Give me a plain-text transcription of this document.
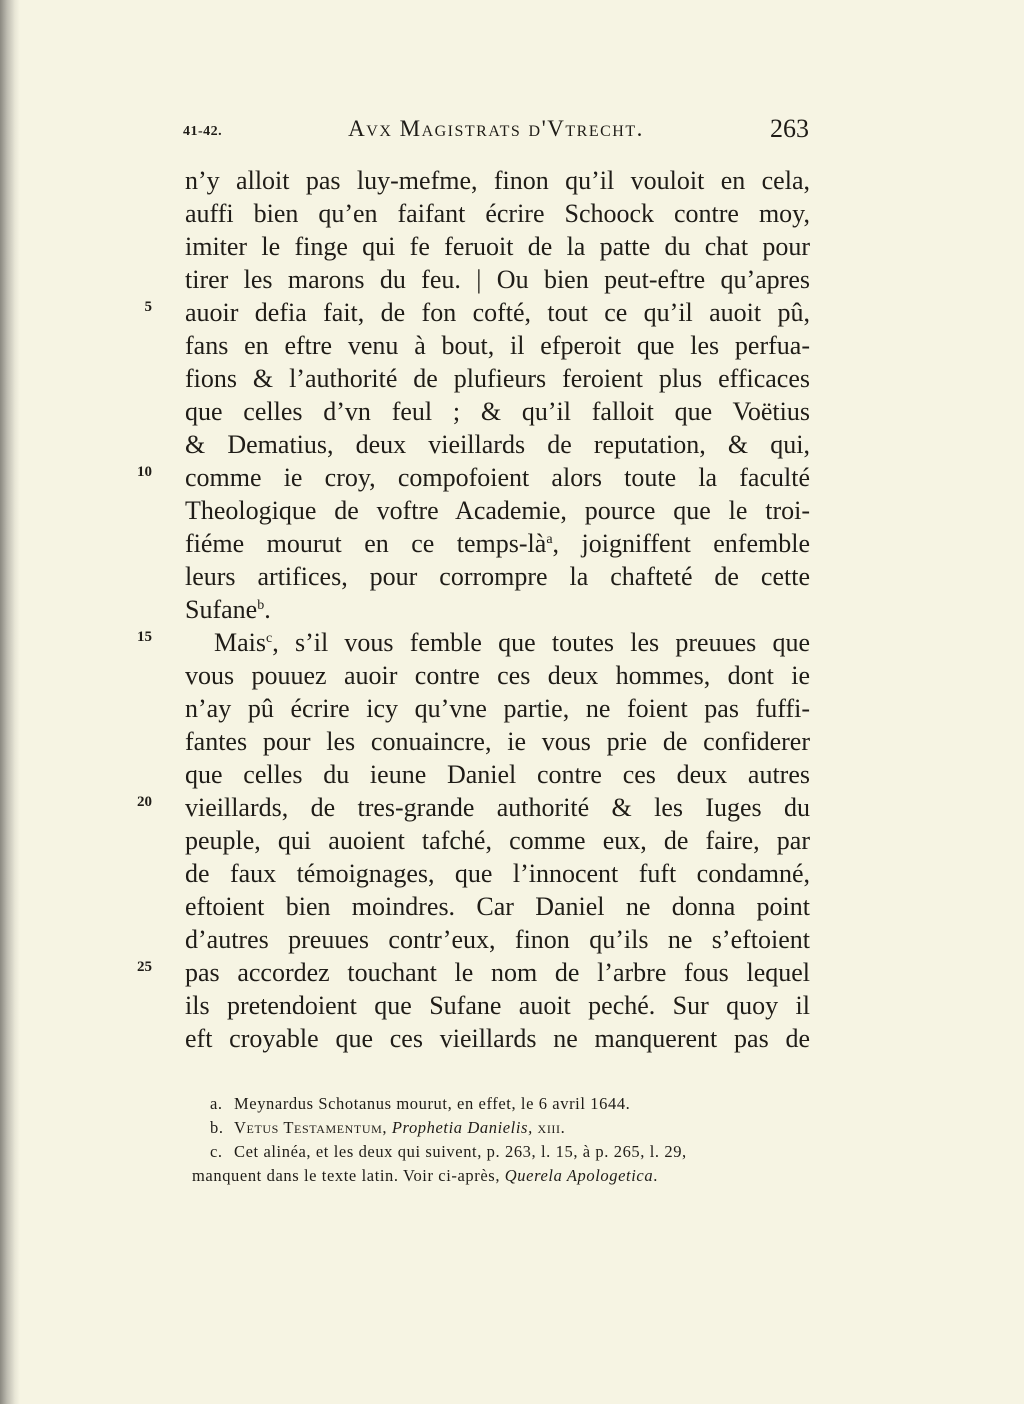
41-42.	Avx Magistrats d'Vtrecht.	263
n’y alloit pas luy-mefme, finon qu’il vouloit en cela,
auffi bien qu’en faifant écrire Schoock contre moy,
imiter le finge qui fe feruoit de la patte du chat pour
tirer les marons du feu. | Ou bien peut-eftre qu’apres
5 auoir defia fait, de fon cofté, tout ce qu’il auoit pû,
fans en eftre venu à bout, il efperoit que les perfua-
fions & l’authorité de plufieurs feroient plus efficaces
que celles d’vn feul ; & qu’il falloit que Voëtius
& Dematius, deux vieillards de reputation, & qui,
10 comme ie croy, compofoient alors toute la faculté
Theologique de voftre Academie, pource que le troi-
fiéme mourut en ce temps-$là^a$, joigniffent enfemble
leurs artifices, pour corrompre la chafteté de cette
Sufane$^b$.
15 Mais$^c$, s’il vous femble que toutes les preuues que
vous pouuez auoir contre ces deux hommes, dont ie
n’ay pû écrire icy qu’vne partie, ne foient pas fuffi-
fantes pour les conuaincre, ie vous prie de confiderer
que celles du ieune Daniel contre ces deux autres
20 vieillards, de tres-grande authorité & les Iuges du
peuple, qui auoient tafché, comme eux, de faire, par
de faux témoignages, que l’innocent fuft condamné,
eftoient bien moindres. Car Daniel ne donna point
d’autres preuues contr’eux, finon qu’ils ne s’eftoient
25 pas accordez touchant le nom de l’arbre fous lequel
ils pretendoient que Sufane auoit peché. Sur quoy il
eft croyable que ces vieillards ne manquerent pas de
a. Meynardus Schotanus mourut, en effet, le 6 avril 1644.
b. Vetus Testamentum, Prophetia Danielis, xiii.
c. Cet alinéa, et les deux qui suivent, p. 263, l. 15, à p. 265, l. 29,
manquent dans le texte latin. Voir ci-après, Querela Apologetica.
